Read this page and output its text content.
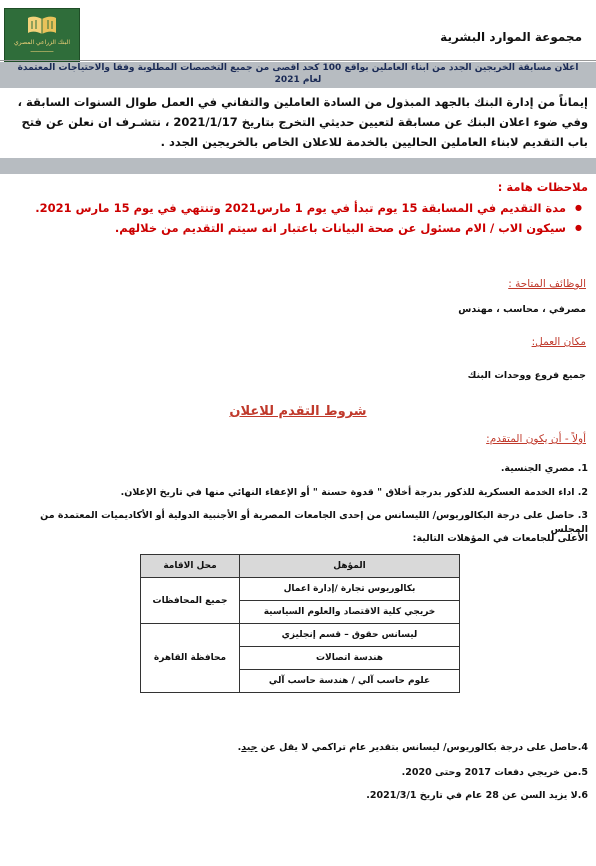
البنك الزراعي المصري
ـــــــــــــ
مجموعة الموارد البشرية
اعلان مسابقة الخريجين الجدد من ابناء العاملين بواقع 100 كحد اقصى من جميع التخصصات المطلوبة وفقا والاحتياجات المعتمدة لعام 2021
إيماناً من إدارة البنك بالجهد المبذول من السادة العاملين والتفاني في العمل طوال السنوات السابقة ، وفي ضوء اعلان البنك عن مسابقة لتعيين حديثي التخرج بتاريخ 2021/1/17 ، نتشـرف ان نعلن عن فتح باب التقديم لابناء العاملين الحاليين بالخدمة للاعلان الخاص بالخريجين الجدد .
ملاحظات هامة :
● مدة التقديم في المسابقة 15 يوم تبدأ في يوم 1 مارس2021 وتنتهي في يوم 15 مارس 2021.
● سيكون الاب / الام مسئول عن صحة البيانات باعتبار انه سيتم التقديم من خلالهم.
الوظائف المتاحة :
مصرفي ، محاسب ، مهندس
مكان العمل:
جميع فروع ووحدات البنك
شروط التقدم للاعلان
أولاً - أن يكون المتقدم:
1. مصري الجنسية.
2. اداء الخدمة العسكرية للذكور بدرجة أخلاق " قدوة حسنة " أو الإعفاء النهائي منها في تاريخ الإعلان.
3. حاصل على درجة البكالوريوس/ الليسانس من إحدى الجامعات المصرية أو الأجنبية الدولية أو الأكاديميات المعتمدة من المجلس
الأعلى للجامعات في المؤهلات التالية:
المؤهل	محل الاقامة
بكالوريوس تجارة /إدارة اعمال	جميع المحافظات
خريجي كلية الاقتصاد والعلوم السياسية	
ليسانس حقوق – قسم إنجليزي	محافظة القاهرة
هندسة اتصالات	
علوم حاسب آلي / هندسة حاسب آلي	
4.حاصل على درجة بكالوريوس/ ليسانس بتقدير عام تراكمي لا يقل عن جيد.
5.من خريجي دفعات 2017 وحتى 2020.
6.لا يزيد السن عن 28 عام في تاريخ 2021/3/1.
